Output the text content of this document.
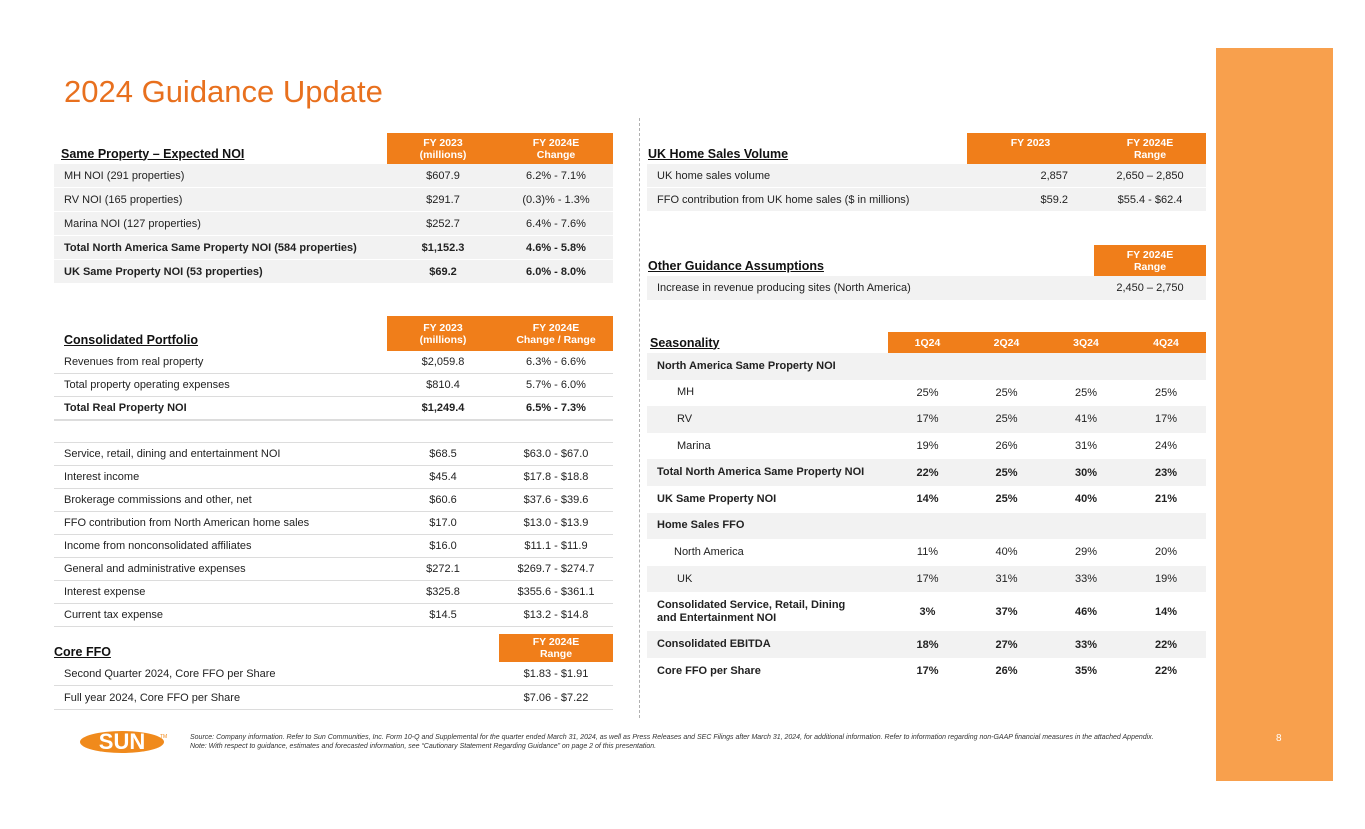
8
2024 Guidance Update
Same Property – Expected NOI
FY 2023
(millions)
FY 2024E
Change
MH NOI (291 properties)	$607.9	6.2% - 7.1%
RV NOI (165 properties)	$291.7	(0.3)% - 1.3%
Marina NOI (127 properties)	$252.7	6.4% - 7.6%
Total North America Same Property NOI (584 properties)	$1,152.3	4.6% - 5.8%
UK Same Property NOI (53 properties)	$69.2	6.0% - 8.0%
Consolidated Portfolio
FY 2023
(millions)
FY 2024E
Change / Range
Revenues from real property	$2,059.8	6.3% - 6.6%
Total property operating expenses	$810.4	5.7% - 6.0%
Total Real Property NOI	$1,249.4	6.5% - 7.3%
Service, retail, dining and entertainment NOI	$68.5	$63.0 - $67.0
Interest income	$45.4	$17.8 - $18.8
Brokerage commissions and other, net	$60.6	$37.6 - $39.6
FFO contribution from North American home sales	$17.0	$13.0 - $13.9
Income from nonconsolidated affiliates	$16.0	$11.1 - $11.9
General and administrative expenses	$272.1	$269.7 - $274.7
Interest expense	$325.8	$355.6 - $361.1
Current tax expense	$14.5	$13.2 - $14.8
Core FFO
FY 2024E
Range
Second Quarter 2024, Core FFO per Share	$1.83 - $1.91
Full year 2024, Core FFO per Share	$7.06 - $7.22
UK Home Sales Volume
FY 2023	FY 2024E
Range
UK home sales volume	2,857	2,650 – 2,850
FFO contribution from UK home sales ($ in millions)	$59.2	$55.4 - $62.4
Other Guidance Assumptions
FY 2024E
Range
Increase in revenue producing sites (North America)	2,450 – 2,750
Seasonality	1Q24	2Q24	3Q24	4Q24
North America Same Property NOI
MH	25%	25%	25%	25%
RV	17%	25%	41%	17%
Marina	19%	26%	31%	24%
Total North America Same Property NOI	22%	25%	30%	23%
UK Same Property NOI	14%	25%	40%	21%
Home Sales FFO
North America	11%	40%	29%	20%
UK	17%	31%	33%	19%
Consolidated Service, Retail, Dining
and Entertainment NOI	3%	37%	46%	14%
Consolidated EBITDA	18%	27%	33%	22%
Core FFO per Share	17%	26%	35%	22%
SUN	TM	Source: Company information. Refer to Sun Communities, Inc. Form 10-Q and Supplemental for the quarter ended March 31, 2024, as well as Press Releases and SEC Filings after March 31, 2024, for additional information. Refer to information regarding non-GAAP financial measures in the attached Appendix.
Note: With respect to guidance, estimates and forecasted information, see “Cautionary Statement Regarding Guidance” on page 2 of this presentation.
